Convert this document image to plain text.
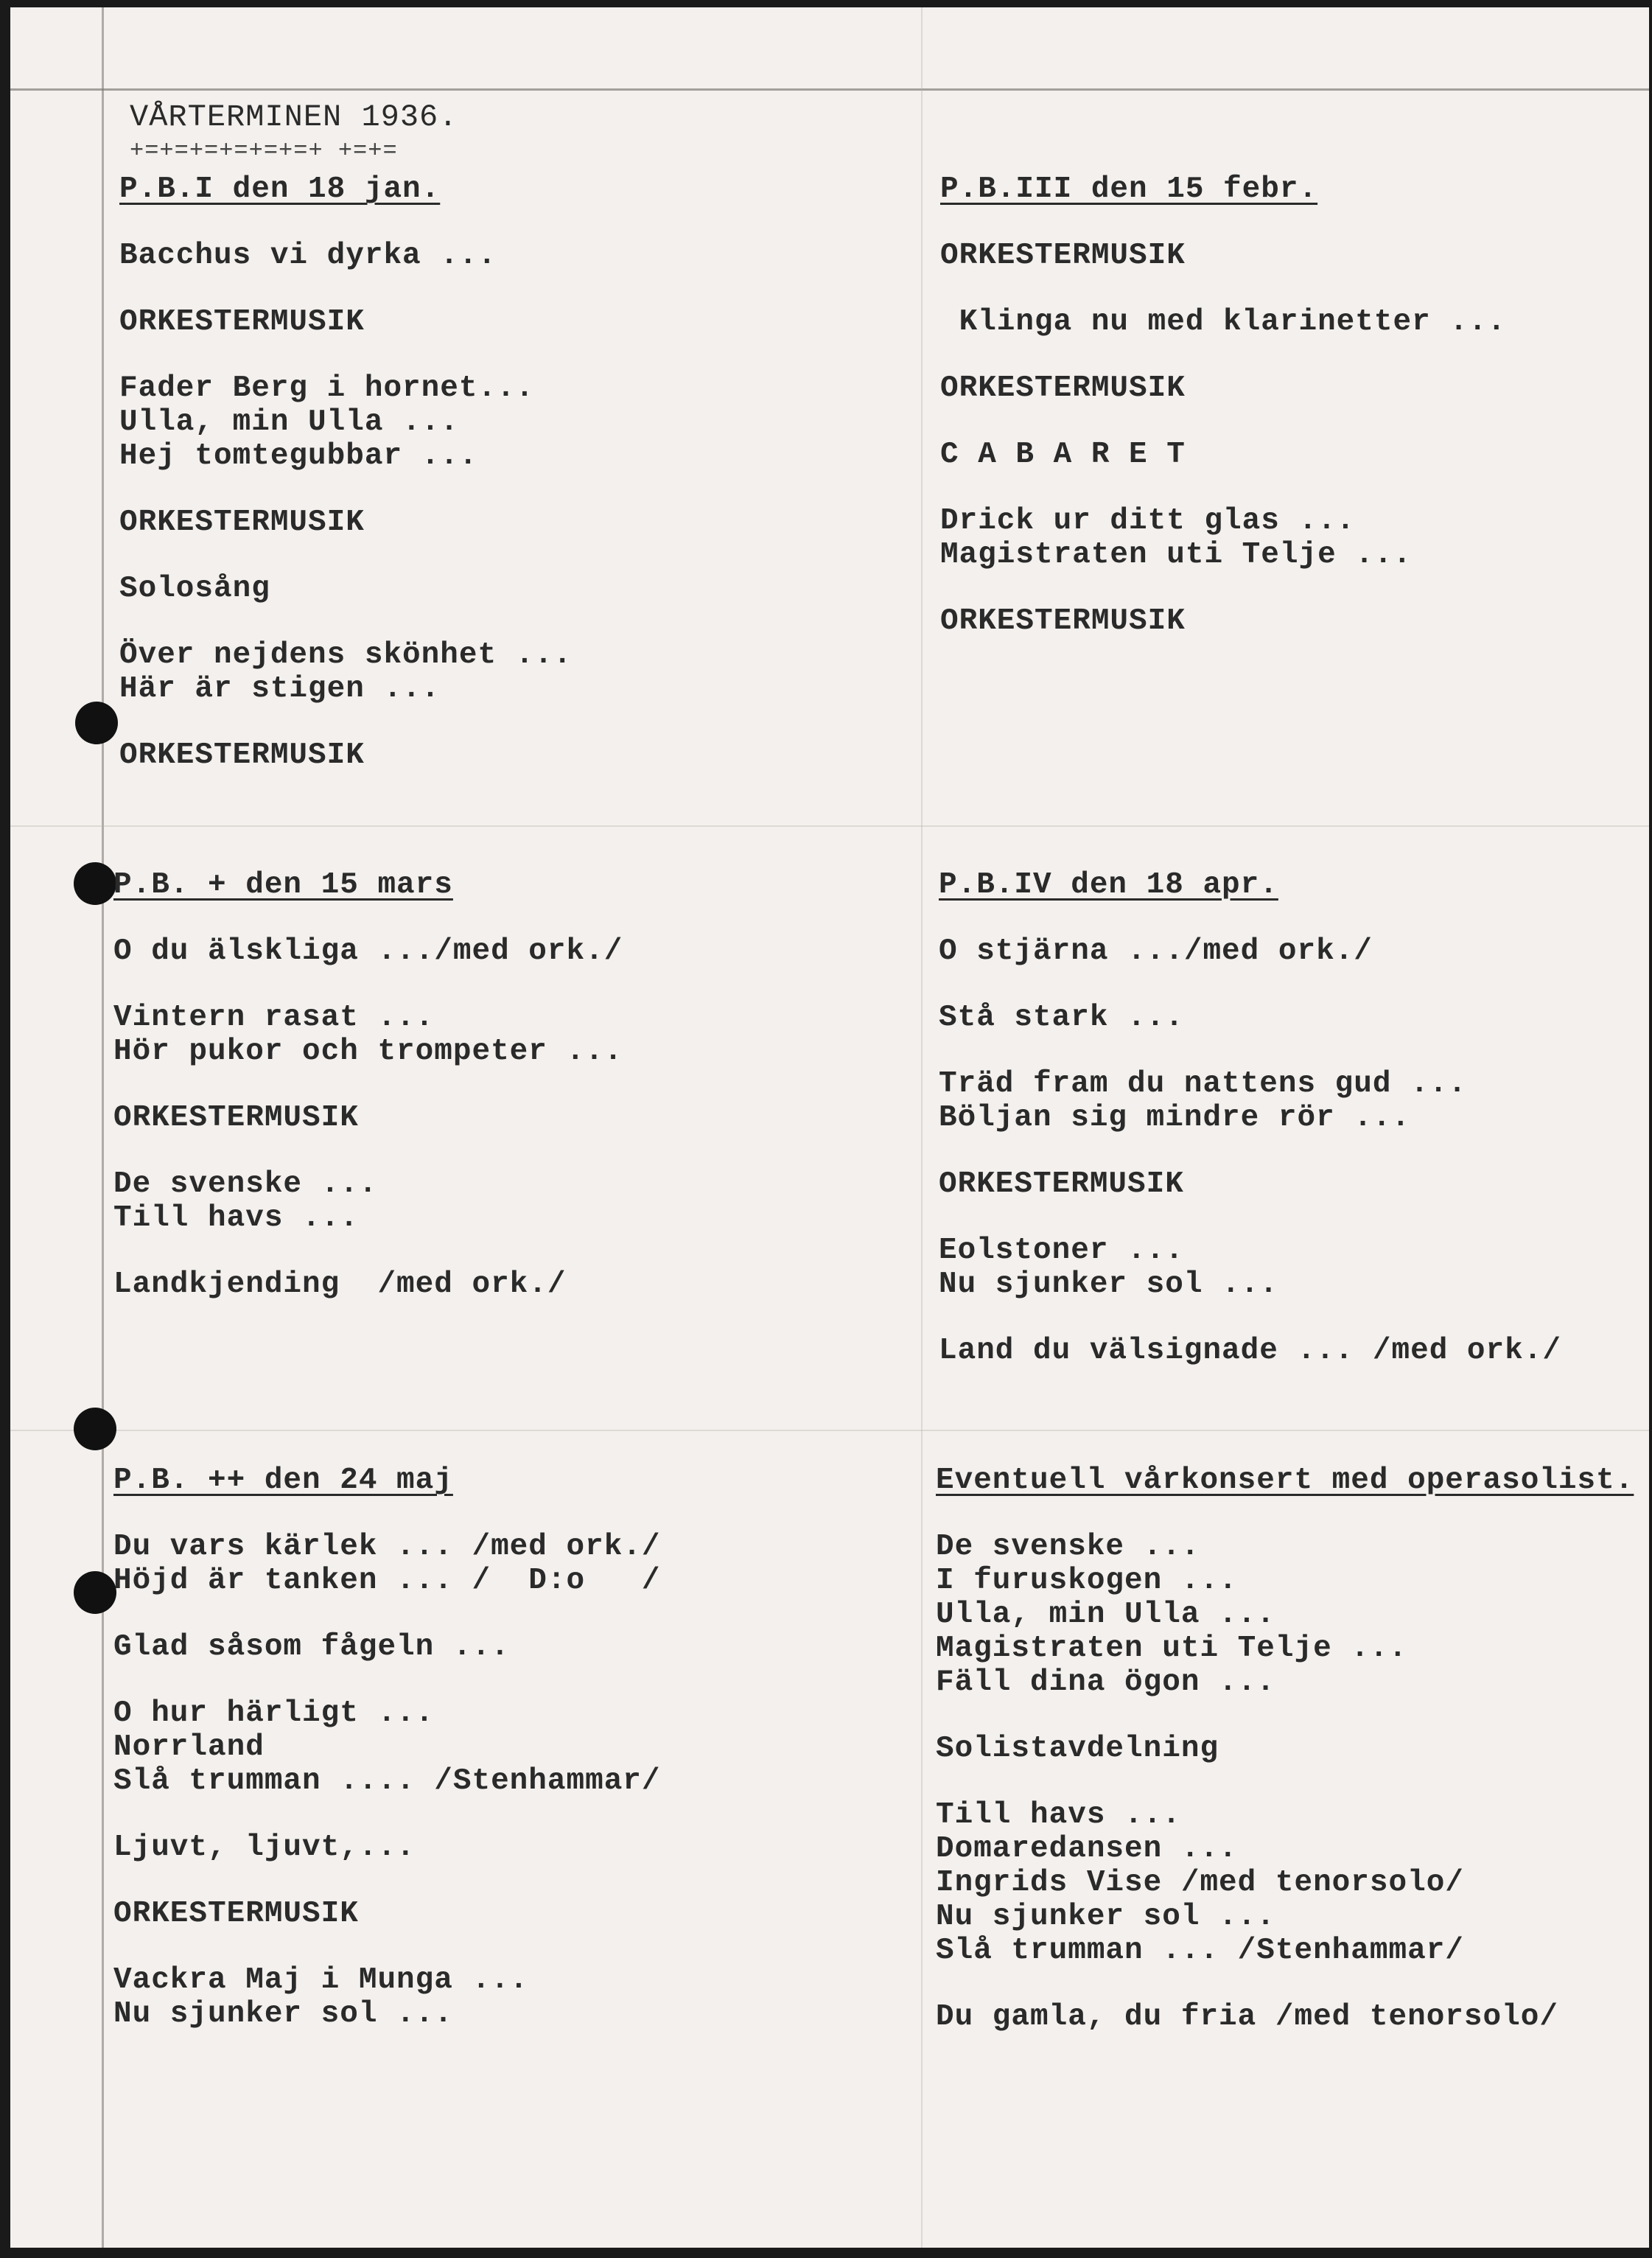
VÅRTERMINEN 1936.
+=+=+=+=+=+=+ +=+=
P.B.I den 18 jan.
Bacchus vi dyrka ...
ORKESTERMUSIK
Fader Berg i hornet...
Ulla, min Ulla ...
Hej tomtegubbar ...
ORKESTERMUSIK
Solosång
Över nejdens skönhet ...
Här är stigen ...
ORKESTERMUSIK
P.B.III den 15 febr.
ORKESTERMUSIK
Klinga nu med klarinetter ...
ORKESTERMUSIK
C A B A R E T
Drick ur ditt glas ...
Magistraten uti Telje ...
ORKESTERMUSIK
P.B. + den 15 mars
O du älskliga .../med ork./
Vintern rasat ...
Hör pukor och trompeter ...
ORKESTERMUSIK
De svenske ...
Till havs ...
Landkjending  /med ork./
P.B.IV den 18 apr.
O stjärna .../med ork./
Stå stark ...
Träd fram du nattens gud ...
Böljan sig mindre rör ...
ORKESTERMUSIK
Eolstoner ...
Nu sjunker sol ...
Land du välsignade ... /med ork./
P.B. ++ den 24 maj
Du vars kärlek ... /med ork./
Höjd är tanken ... /  D:o   /
Glad såsom fågeln ...
O hur härligt ...
Norrland
Slå trumman .... /Stenhammar/
Ljuvt, ljuvt,...
ORKESTERMUSIK
Vackra Maj i Munga ...
Nu sjunker sol ...
Eventuell vårkonsert med operasolist.
De svenske ...
I furuskogen ...
Ulla, min Ulla ...
Magistraten uti Telje ...
Fäll dina ögon ...
Solistavdelning
Till havs ...
Domaredansen ...
Ingrids Vise /med tenorsolo/
Nu sjunker sol ...
Slå trumman ... /Stenhammar/
Du gamla, du fria /med tenorsolo/
